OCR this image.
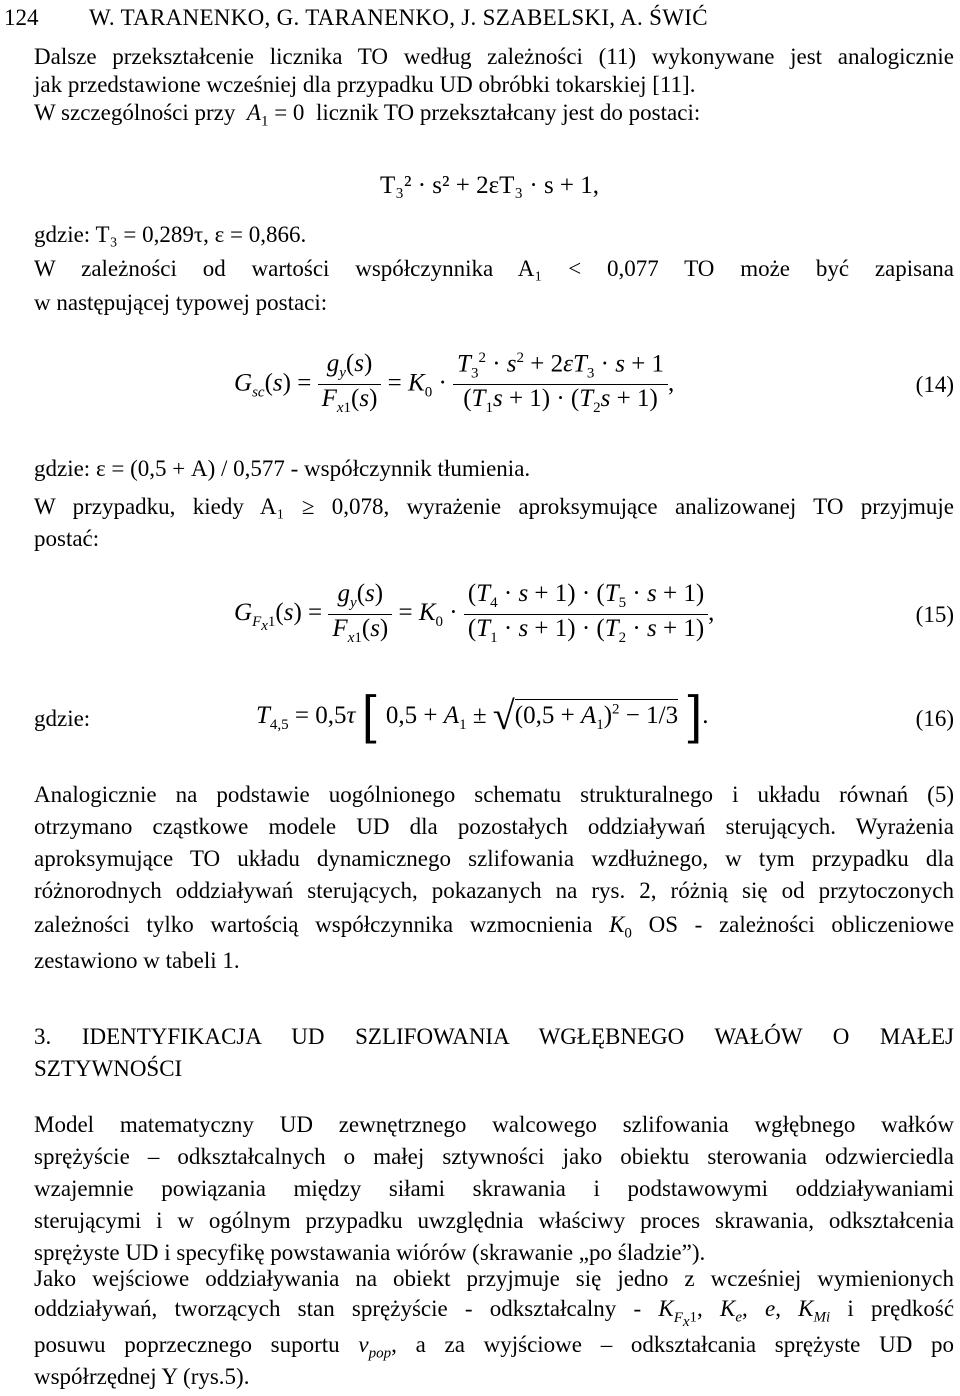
124 W. TARANENKO, G. TARANENKO, J. SZABELSKI, A. ŚWIĆ
Dalsze przekształcenie licznika TO według zależności (11) wykonywane jest analogicznie
jak przedstawione wcześniej dla przypadku UD obróbki tokarskiej [11].
W szczególności przy $A_1 = 0$  licznik TO przekształcany jest do postaci:
T₃² · s² + 2εT₃ · s + 1,
gdzie: T₃ = 0,289τ, ε = 0,866.
W zależności od wartości współczynnika A₁ < 0,077 TO może być zapisana
w następującej typowej postaci:
$G_{sc}(s) = \frac{g_y(s)}{F_{x1}(s)} = K_0 \cdot \frac{T_3^2 \cdot s^2 + 2\varepsilon T_3 \cdot s + 1}{(T_1s + 1) \cdot (T_2s + 1)}$ ,	(14)
gdzie: ε = (0,5 + A) / 0,577 - współczynnik tłumienia.
W przypadku, kiedy A₁ ≥ 0,078, wyrażenie aproksymujące analizowanej TO przyjmuje
postać:
$G_{F_x1}(s) = \frac{g_y(s)}{F_{x1}(s)} = K_0 \cdot \frac{(T_4 \cdot s + 1) \cdot (T_5 \cdot s + 1)}{(T_1 \cdot s + 1) \cdot (T_2 \cdot s + 1)}$ ,	(15)
gdzie:	$T_{4,5} = 0,5\tau$ [ $0,5 + A_1 \pm √(0,5 + A_1)^2 - 1/3$ ].	(16)
Analogicznie na podstawie uogólnionego schematu strukturalnego i układu równań (5)
otrzymano cząstkowe modele UD dla pozostałych oddziaływań sterujących. Wyrażenia
aproksymujące TO układu dynamicznego szlifowania wzdłużnego, w tym przypadku dla
różnorodnych oddziaływań sterujących, pokazanych na rys. 2, różnią się od przytoczonych
zależności tylko wartością współczynnika wzmocnienia $K_0$ OS - zależności obliczeniowe
zestawiono w tabeli 1.
3. IDENTYFIKACJA UD SZLIFOWANIA WGŁĘBNEGO WAŁÓW O MAŁEJ
SZTYWNOŚCI
Model matematyczny UD zewnętrznego walcowego szlifowania wgłębnego wałków
sprężyście – odkształcalnych o małej sztywności jako obiektu sterowania odzwierciedla
wzajemnie powiązania między siłami skrawania i podstawowymi oddziaływaniami
sterującymi i w ogólnym przypadku uwzględnia właściwy proces skrawania, odkształcenia
sprężyste UD i specyfikę powstawania wiórów (skrawanie „po śladzie”).
Jako wejściowe oddziaływania na obiekt przyjmuje się jedno z wcześniej wymienionych
oddziaływań, tworzących stan sprężyście - odkształcalny - $K_{F_x1}$, $K_e$, e, $K_{Mi}$ i prędkość
posuwu poprzecznego suportu $v_{pop}$, a za wyjściowe – odkształcania sprężyste UD po
współrzędnej Y (rys.5).
